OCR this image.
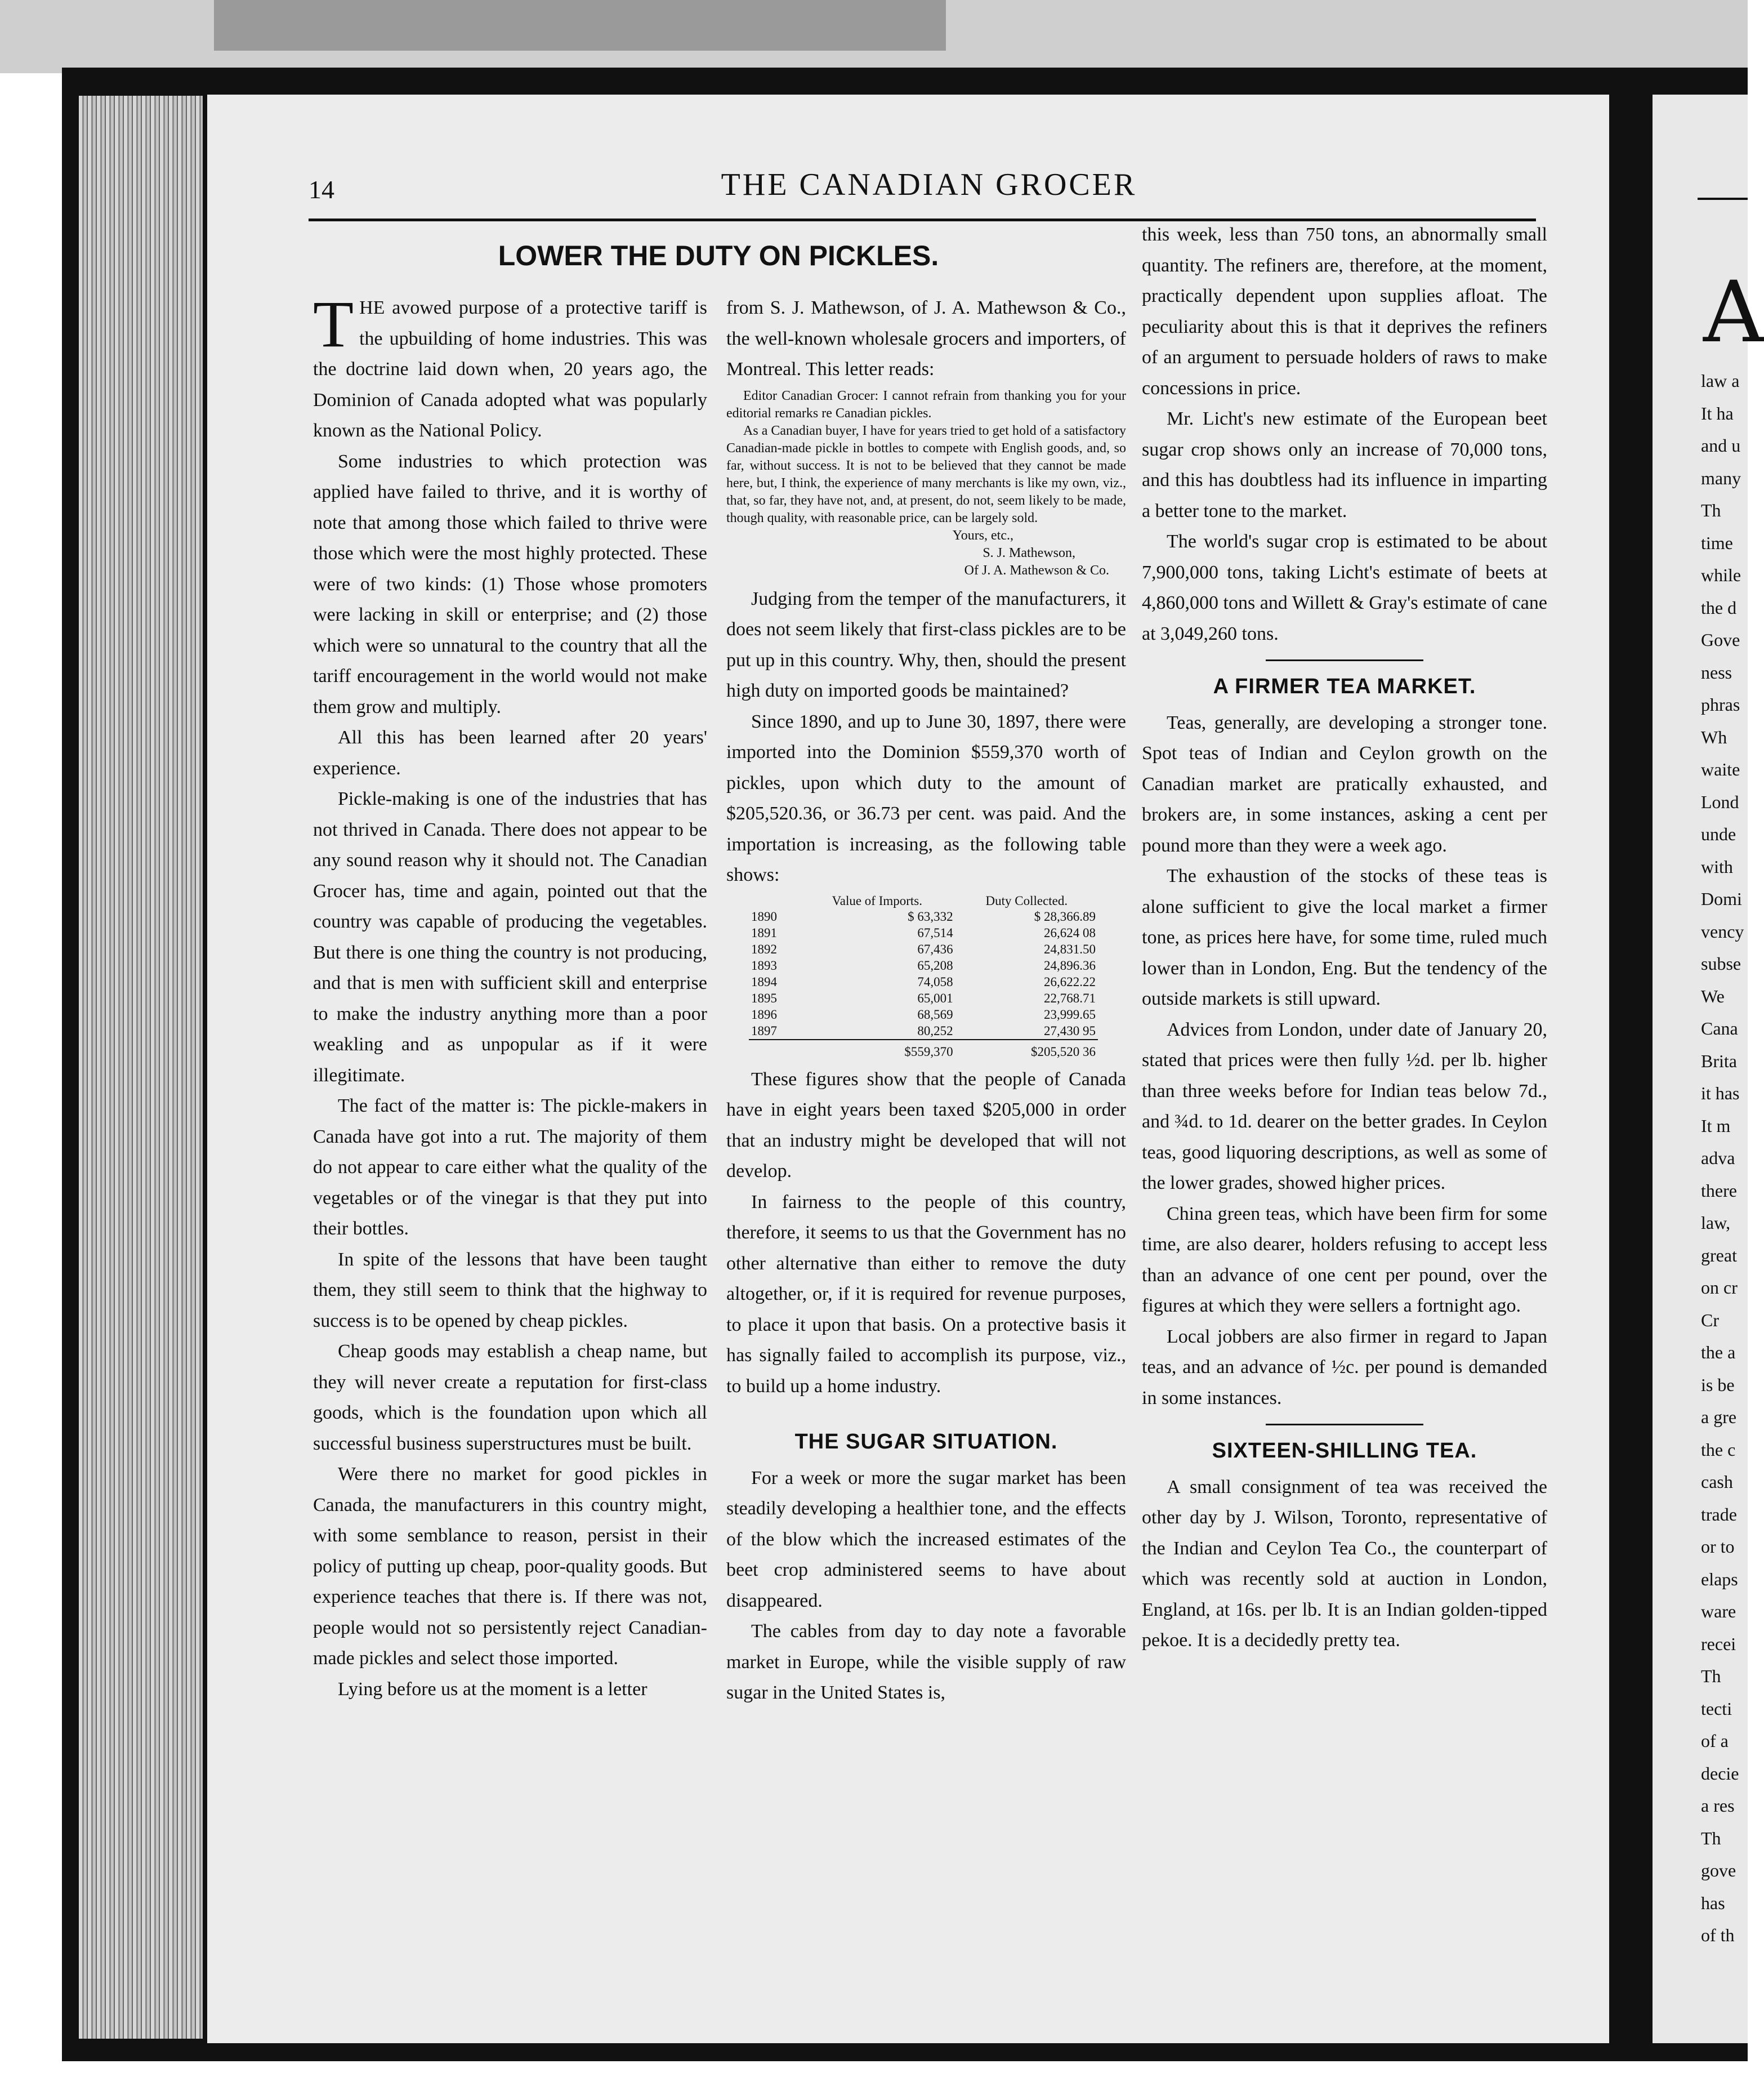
A
law a
It ha
and u
many
Th
time
while
the d
Gove
ness
phras
Wh
waite
Lond
unde
with
Domi
vency
subse
We
Cana
Brita
it has
It m
adva
there
law,
great
on cr
Cr
the a
is be
a gre
the c
cash
trade
or to
elaps
ware
recei
Th
tecti
of a
decie
a res
Th
gove
has
of th
14	THE CANADIAN GROCER
LOWER THE DUTY ON PICKLES.

THE avowed purpose of a protective tariff is the upbuilding of home industries. This was the doctrine laid down when, 20 years ago, the Dominion of Canada adopted what was popularly known as the National Policy.

Some industries to which protection was applied have failed to thrive, and it is worthy of note that among those which failed to thrive were those which were the most highly protected. These were of two kinds: (1) Those whose promoters were lacking in skill or enterprise; and (2) those which were so unnatural to the country that all the tariff encouragement in the world would not make them grow and multiply.

All this has been learned after 20 years' experience.

Pickle-making is one of the industries that has not thrived in Canada. There does not appear to be any sound reason why it should not. The Canadian Grocer has, time and again, pointed out that the country was capable of producing the vegetables. But there is one thing the country is not producing, and that is men with sufficient skill and enterprise to make the industry anything more than a poor weakling and as unpopular as if it were illegitimate.

The fact of the matter is: The pickle-makers in Canada have got into a rut. The majority of them do not appear to care either what the quality of the vegetables or of the vinegar is that they put into their bottles.

In spite of the lessons that have been taught them, they still seem to think that the highway to success is to be opened by cheap pickles.

Cheap goods may establish a cheap name, but they will never create a reputation for first-class goods, which is the foundation upon which all successful business superstructures must be built.

Were there no market for good pickles in Canada, the manufacturers in this country might, with some semblance to reason, persist in their policy of putting up cheap, poor-quality goods. But experience teaches that there is. If there was not, people would not so persistently reject Canadian-made pickles and select those imported.

Lying before us at the moment is a letter

from S. J. Mathewson, of J. A. Mathewson & Co., the well-known wholesale grocers and importers, of Montreal. This letter reads:

Editor Canadian Grocer: I cannot refrain from thanking you for your editorial remarks re Canadian pickles.

As a Canadian buyer, I have for years tried to get hold of a satisfactory Canadian-made pickle in bottles to compete with English goods, and, so far, without success. It is not to be believed that they cannot be made here, but, I think, the experience of many merchants is like my own, viz., that, so far, they have not, and, at present, do not, seem likely to be made, though quality, with reasonable price, can be largely sold.

Yours, etc.,

S. J. Mathewson,

Of J. A. Mathewson & Co.

Judging from the temper of the manufacturers, it does not seem likely that first-class pickles are to be put up in this country. Why, then, should the present high duty on imported goods be maintained?

Since 1890, and up to June 30, 1897, there were imported into the Dominion $559,370 worth of pickles, upon which duty to the amount of $205,520.36, or 36.73 per cent. was paid. And the importation is increasing, as the following table shows:

	Value of Imports.	Duty Collected.
1890	$ 63,332	$ 28,366.89
1891	67,514	26,624 08
1892	67,436	24,831.50
1893	65,208	24,896.36
1894	74,058	26,622.22
1895	65,001	22,768.71
1896	68,569	23,999.65
1897	80,252	27,430 95
	$559,370	$205,520 36

These figures show that the people of Canada have in eight years been taxed $205,000 in order that an industry might be developed that will not develop.

In fairness to the people of this country, therefore, it seems to us that the Government has no other alternative than either to remove the duty altogether, or, if it is required for revenue purposes, to place it upon that basis. On a protective basis it has signally failed to accomplish its purpose, viz., to build up a home industry.

THE SUGAR SITUATION.

For a week or more the sugar market has been steadily developing a healthier tone, and the effects of the blow which the increased estimates of the beet crop administered seems to have about disappeared.

The cables from day to day note a favorable market in Europe, while the visible supply of raw sugar in the United States is,

this week, less than 750 tons, an abnormally small quantity. The refiners are, therefore, at the moment, practically dependent upon supplies afloat. The peculiarity about this is that it deprives the refiners of an argument to persuade holders of raws to make concessions in price.

Mr. Licht's new estimate of the European beet sugar crop shows only an increase of 70,000 tons, and this has doubtless had its influence in imparting a better tone to the market.

The world's sugar crop is estimated to be about 7,900,000 tons, taking Licht's estimate of beets at 4,860,000 tons and Willett & Gray's estimate of cane at 3,049,260 tons.

A FIRMER TEA MARKET.

Teas, generally, are developing a stronger tone. Spot teas of Indian and Ceylon growth on the Canadian market are pratically exhausted, and brokers are, in some instances, asking a cent per pound more than they were a week ago.

The exhaustion of the stocks of these teas is alone sufficient to give the local market a firmer tone, as prices here have, for some time, ruled much lower than in London, Eng. But the tendency of the outside markets is still upward.

Advices from London, under date of January 20, stated that prices were then fully ½d. per lb. higher than three weeks before for Indian teas below 7d., and ¾d. to 1d. dearer on the better grades. In Ceylon teas, good liquoring descriptions, as well as some of the lower grades, showed higher prices.

China green teas, which have been firm for some time, are also dearer, holders refusing to accept less than an advance of one cent per pound, over the figures at which they were sellers a fortnight ago.

Local jobbers are also firmer in regard to Japan teas, and an advance of ½c. per pound is demanded in some instances.

SIXTEEN-SHILLING TEA.

A small consignment of tea was received the other day by J. Wilson, Toronto, representative of the Indian and Ceylon Tea Co., the counterpart of which was recently sold at auction in London, England, at 16s. per lb. It is an Indian golden-tipped pekoe. It is a decidedly pretty tea.
